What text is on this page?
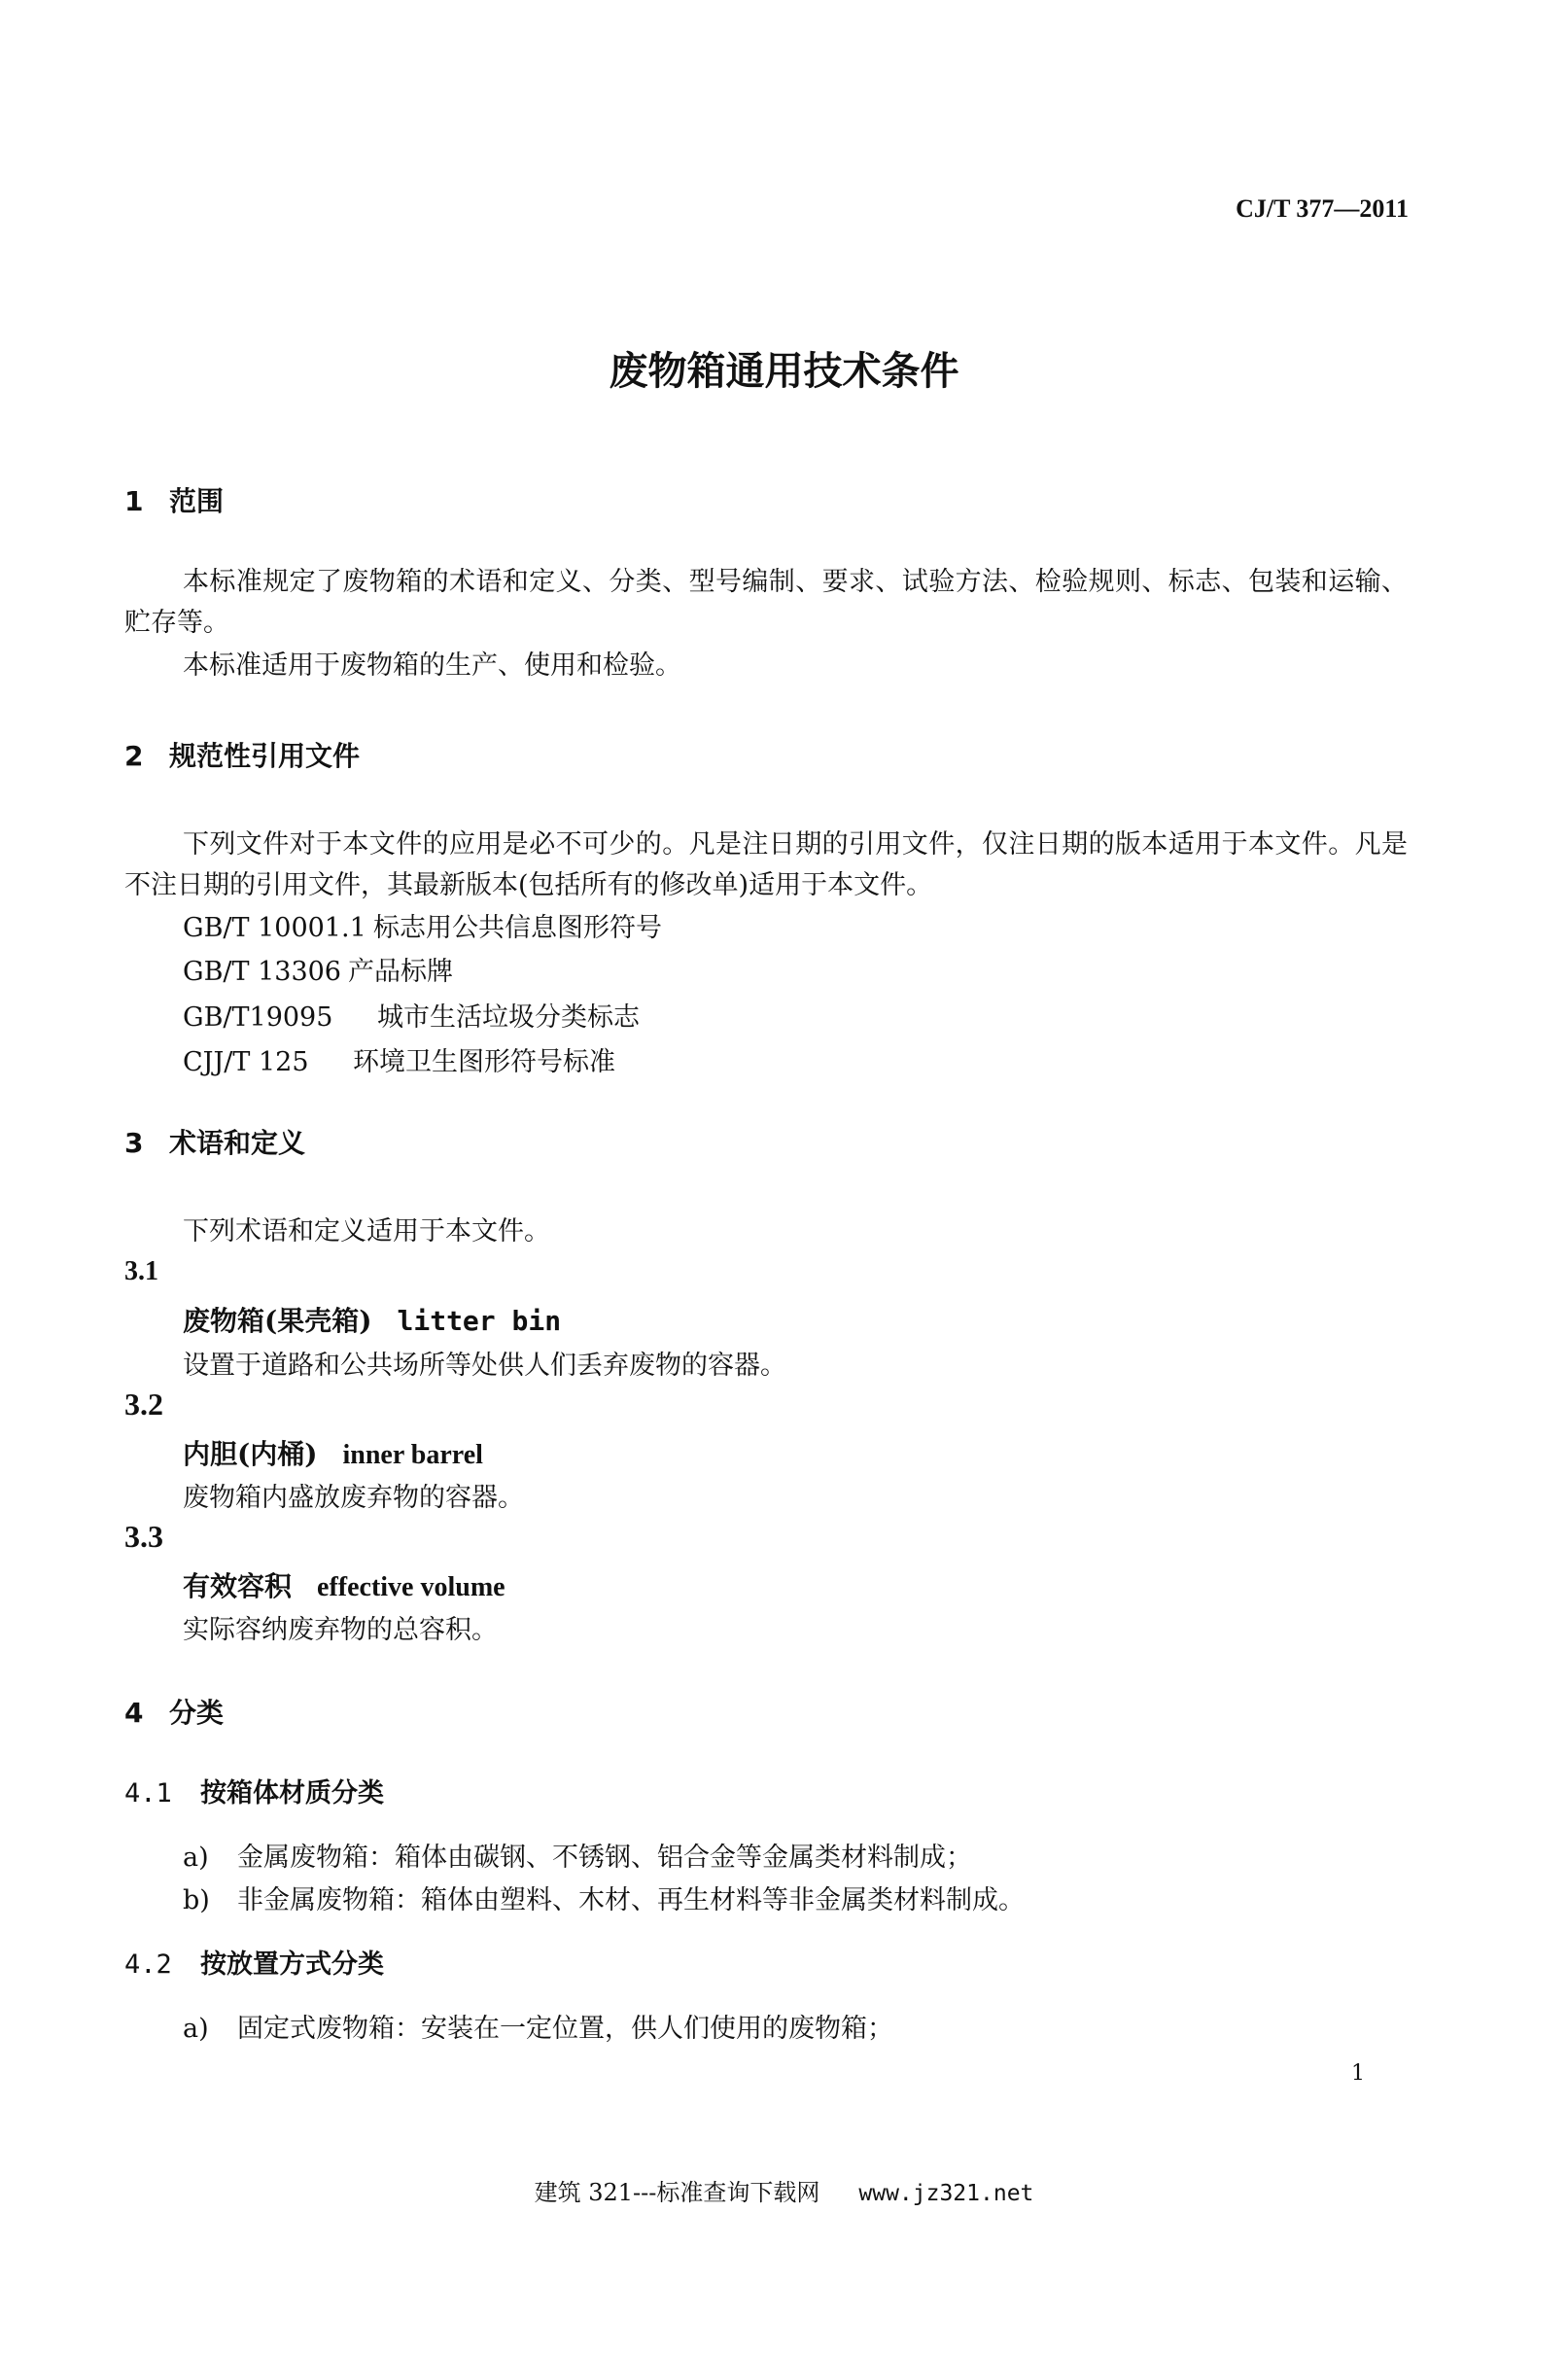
CJ/T 377—2011
废物箱通用技术条件
1 范围
本标准规定了废物箱的术语和定义、分类、型号编制、要求、试验方法、检验规则、标志、包装和运输、贮存等。
本标准适用于废物箱的生产、使用和检验。
2 规范性引用文件
下列文件对于本文件的应用是必不可少的。凡是注日期的引用文件，仅注日期的版本适用于本文件。凡是不注日期的引用文件，其最新版本(包括所有的修改单)适用于本文件。
GB/T 10001.1 标志用公共信息图形符号
GB/T 13306 产品标牌
GB/T19095 城市生活垃圾分类标志
CJJ/T 125 环境卫生图形符号标准
3 术语和定义
下列术语和定义适用于本文件。
3.1
废物箱(果壳箱) litter bin
设置于道路和公共场所等处供人们丢弃废物的容器。
3.2
内胆(内桶) inner barrel
废物箱内盛放废弃物的容器。
3.3
有效容积 effective volume
实际容纳废弃物的总容积。
4 分类
4.1 按箱体材质分类
a) 金属废物箱：箱体由碳钢、不锈钢、铝合金等金属类材料制成；
b) 非金属废物箱：箱体由塑料、木材、再生材料等非金属类材料制成。
4.2 按放置方式分类
a) 固定式废物箱：安装在一定位置，供人们使用的废物箱；
1
建筑 321---标准查询下载网 www.jz321.net
